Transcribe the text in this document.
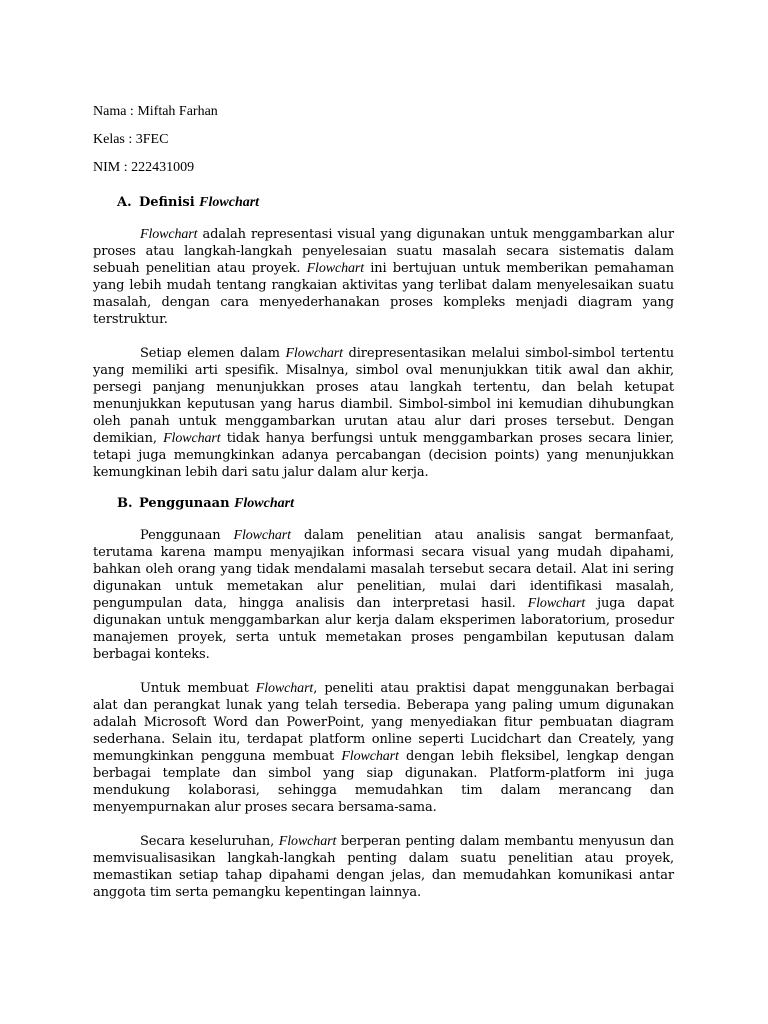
Nama : Miftah Farhan

Kelas : 3FEC

NIM : 222431009

A. Definisi Flowchart

Flowchart adalah representasi visual yang digunakan untuk menggambarkan alur proses atau langkah-langkah penyelesaian suatu masalah secara sistematis dalam sebuah penelitian atau proyek. Flowchart ini bertujuan untuk memberikan pemahaman yang lebih mudah tentang rangkaian aktivitas yang terlibat dalam menyelesaikan suatu masalah, dengan cara menyederhanakan proses kompleks menjadi diagram yang terstruktur.

Setiap elemen dalam Flowchart direpresentasikan melalui simbol-simbol tertentu yang memiliki arti spesifik. Misalnya, simbol oval menunjukkan titik awal dan akhir, persegi panjang menunjukkan proses atau langkah tertentu, dan belah ketupat menunjukkan keputusan yang harus diambil. Simbol-simbol ini kemudian dihubungkan oleh panah untuk menggambarkan urutan atau alur dari proses tersebut. Dengan demikian, Flowchart tidak hanya berfungsi untuk menggambarkan proses secara linier, tetapi juga memungkinkan adanya percabangan (decision points) yang menunjukkan kemungkinan lebih dari satu jalur dalam alur kerja.

B. Penggunaan Flowchart

Penggunaan Flowchart dalam penelitian atau analisis sangat bermanfaat, terutama karena mampu menyajikan informasi secara visual yang mudah dipahami, bahkan oleh orang yang tidak mendalami masalah tersebut secara detail. Alat ini sering digunakan untuk memetakan alur penelitian, mulai dari identifikasi masalah, pengumpulan data, hingga analisis dan interpretasi hasil. Flowchart juga dapat digunakan untuk menggambarkan alur kerja dalam eksperimen laboratorium, prosedur manajemen proyek, serta untuk memetakan proses pengambilan keputusan dalam berbagai konteks.

Untuk membuat Flowchart, peneliti atau praktisi dapat menggunakan berbagai alat dan perangkat lunak yang telah tersedia. Beberapa yang paling umum digunakan adalah Microsoft Word dan PowerPoint, yang menyediakan fitur pembuatan diagram sederhana. Selain itu, terdapat platform online seperti Lucidchart dan Creately, yang memungkinkan pengguna membuat Flowchart dengan lebih fleksibel, lengkap dengan berbagai template dan simbol yang siap digunakan. Platform-platform ini juga mendukung kolaborasi, sehingga memudahkan tim dalam merancang dan menyempurnakan alur proses secara bersama-sama.

Secara keseluruhan, Flowchart berperan penting dalam membantu menyusun dan memvisualisasikan langkah-langkah penting dalam suatu penelitian atau proyek, memastikan setiap tahap dipahami dengan jelas, dan memudahkan komunikasi antar anggota tim serta pemangku kepentingan lainnya.
